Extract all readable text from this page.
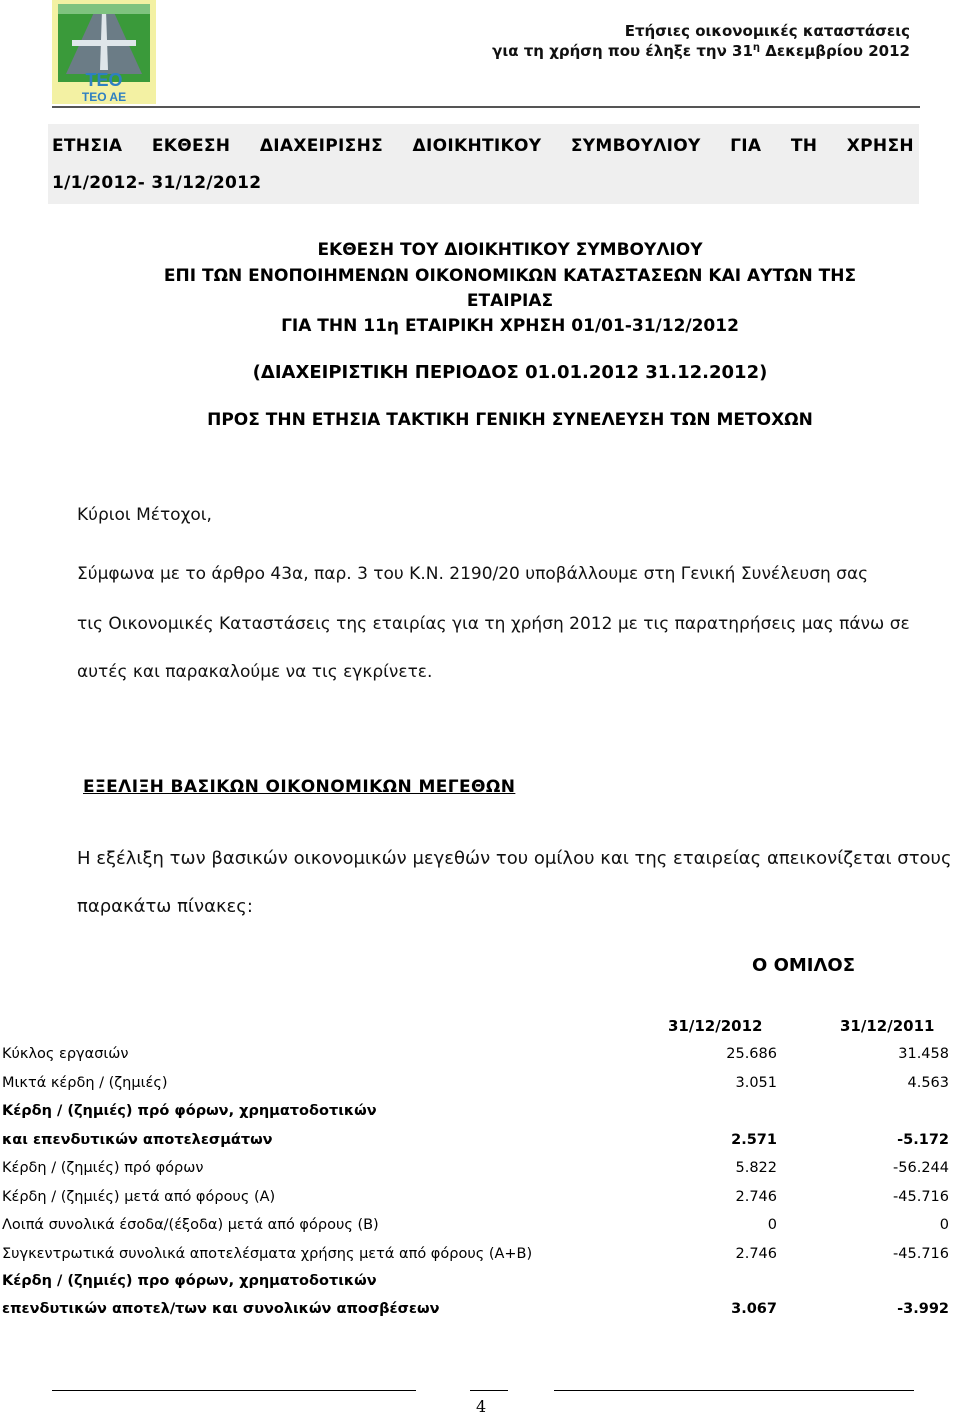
TEO
ΤΕΟ ΑΕ
Ετήσιες οικονομικές καταστάσεις
για τη χρήση που έληξε την $31^\eta$ Δεκεμβρίου 2012
ΕΤΗΣΙΑ ΕΚΘΕΣΗ ΔΙΑΧΕΙΡΙΣΗΣ ΔΙΟΙΚΗΤΙΚΟΥ ΣΥΜΒΟΥΛΙΟΥ ΓΙΑ ΤΗ ΧΡΗΣΗ
1/1/2012- 31/12/2012
ΕΚΘΕΣΗ ΤΟΥ ΔΙΟΙΚΗΤΙΚΟΥ ΣΥΜΒΟΥΛΙΟΥ
ΕΠΙ ΤΩΝ ΕΝΟΠΟΙΗΜΕΝΩΝ ΟΙΚΟΝΟΜΙΚΩΝ ΚΑΤΑΣΤΑΣΕΩΝ ΚΑΙ ΑΥΤΩΝ ΤΗΣ
ΕΤΑΙΡΙΑΣ
ΓΙΑ ΤΗΝ 11η ΕΤΑΙΡΙΚΗ ΧΡΗΣΗ 01/01-31/12/2012
(ΔΙΑΧΕΙΡΙΣΤΙΚΗ ΠΕΡΙΟΔΟΣ 01.01.2012 31.12.2012)
ΠΡΟΣ ΤΗΝ ΕΤΗΣΙΑ ΤΑΚΤΙΚΗ ΓΕΝΙΚΗ ΣΥΝΕΛΕΥΣΗ ΤΩΝ ΜΕΤΟΧΩΝ
Κύριοι Μέτοχοι,
Σύμφωνα με το άρθρο 43α, παρ. 3 του Κ.Ν. 2190/20 υποβάλλουμε στη Γενική Συνέλευση σας
τις Οικονομικές Καταστάσεις της εταιρίας για τη χρήση 2012 με τις παρατηρήσεις μας πάνω σε
αυτές και παρακαλούμε να τις εγκρίνετε.
ΕΞΕΛΙΞΗ ΒΑΣΙΚΩΝ ΟΙΚΟΝΟΜΙΚΩΝ ΜΕΓΕΘΩΝ
Η εξέλιξη των βασικών οικονομικών μεγεθών του ομίλου και της εταιρείας απεικονίζεται στους
παρακάτω πίνακες:
Ο ΟΜΙΛΟΣ
31/12/2012	31/12/2011
Κύκλος εργασιών	25.686	31.458
Μικτά κέρδη / (ζημιές)	3.051	4.563
Κέρδη / (ζημιές) πρό φόρων, χρηματοδοτικών
και επενδυτικών αποτελεσμάτων	2.571	-5.172
Κέρδη / (ζημιές) πρό φόρων	5.822	-56.244
Κέρδη / (ζημιές) μετά από φόρους (Α)	2.746	-45.716
Λοιπά συνολικά έσοδα/(έξοδα) μετά από φόρους (Β)	0	0
Συγκεντρωτικά συνολικά αποτελέσματα χρήσης μετά από φόρους (Α+Β)	2.746	-45.716
Κέρδη / (ζημιές) προ φόρων, χρηματοδοτικών
επενδυτικών αποτελ/των και συνολικών αποσβέσεων	3.067	-3.992
4
